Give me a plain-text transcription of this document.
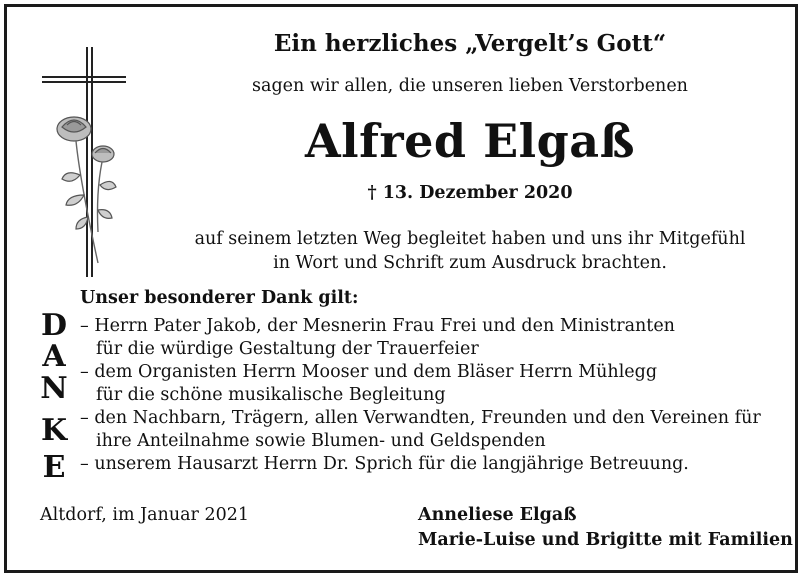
Ein herzliches „Vergelt’s Gott“
sagen wir allen, die unseren lieben Verstorbenen
Alfred Elgaß
† 13. Dezember 2020
auf seinem letzten Weg begleitet haben und uns ihr Mitgefühl
in Wort und Schrift zum Ausdruck brachten.
Unser besonderer Dank gilt:
D
A
N
K
E
– Herrn Pater Jakob, der Mesnerin Frau Frei und den Ministranten
für die würdige Gestaltung der Trauerfeier
– dem Organisten Herrn Mooser und dem Bläser Herrn Mühlegg
für die schöne musikalische Begleitung
– den Nachbarn, Trägern, allen Verwandten, Freunden und den Vereinen für
ihre Anteilnahme sowie Blumen- und Geldspenden
– unserem Hausarzt Herrn Dr. Sprich für die langjährige Betreuung.
Altdorf, im Januar 2021	Anneliese Elgaß
Marie-Luise und Brigitte mit Familien
